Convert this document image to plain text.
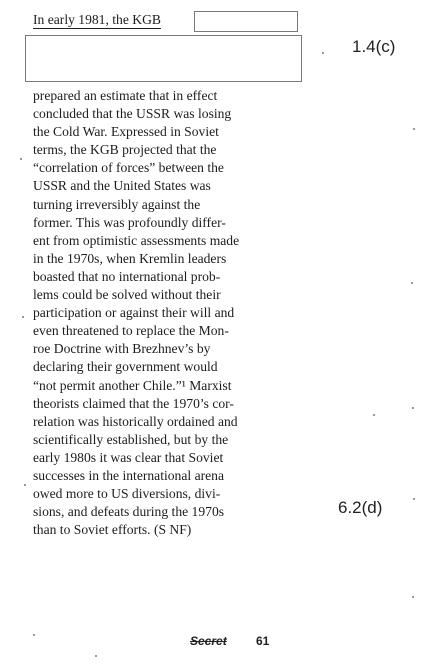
In early 1981, the KGB
1.4(c)
6.2(d)
prepared an estimate that in effect
concluded that the USSR was losing
the Cold War. Expressed in Soviet
terms, the KGB projected that the
“correlation of forces” between the
USSR and the United States was
turning irreversibly against the
former. This was profoundly differ-
ent from optimistic assessments made
in the 1970s, when Kremlin leaders
boasted that no international prob-
lems could be solved without their
participation or against their will and
even threatened to replace the Mon-
roe Doctrine with Brezhnev’s by
declaring their government would
“not permit another Chile.”¹ Marxist
theorists claimed that the 1970’s cor-
relation was historically ordained and
scientifically established, but by the
early 1980s it was clear that Soviet
successes in the international arena
owed more to US diversions, divi-
sions, and defeats during the 1970s
than to Soviet efforts. (S NF)
Secret 61
